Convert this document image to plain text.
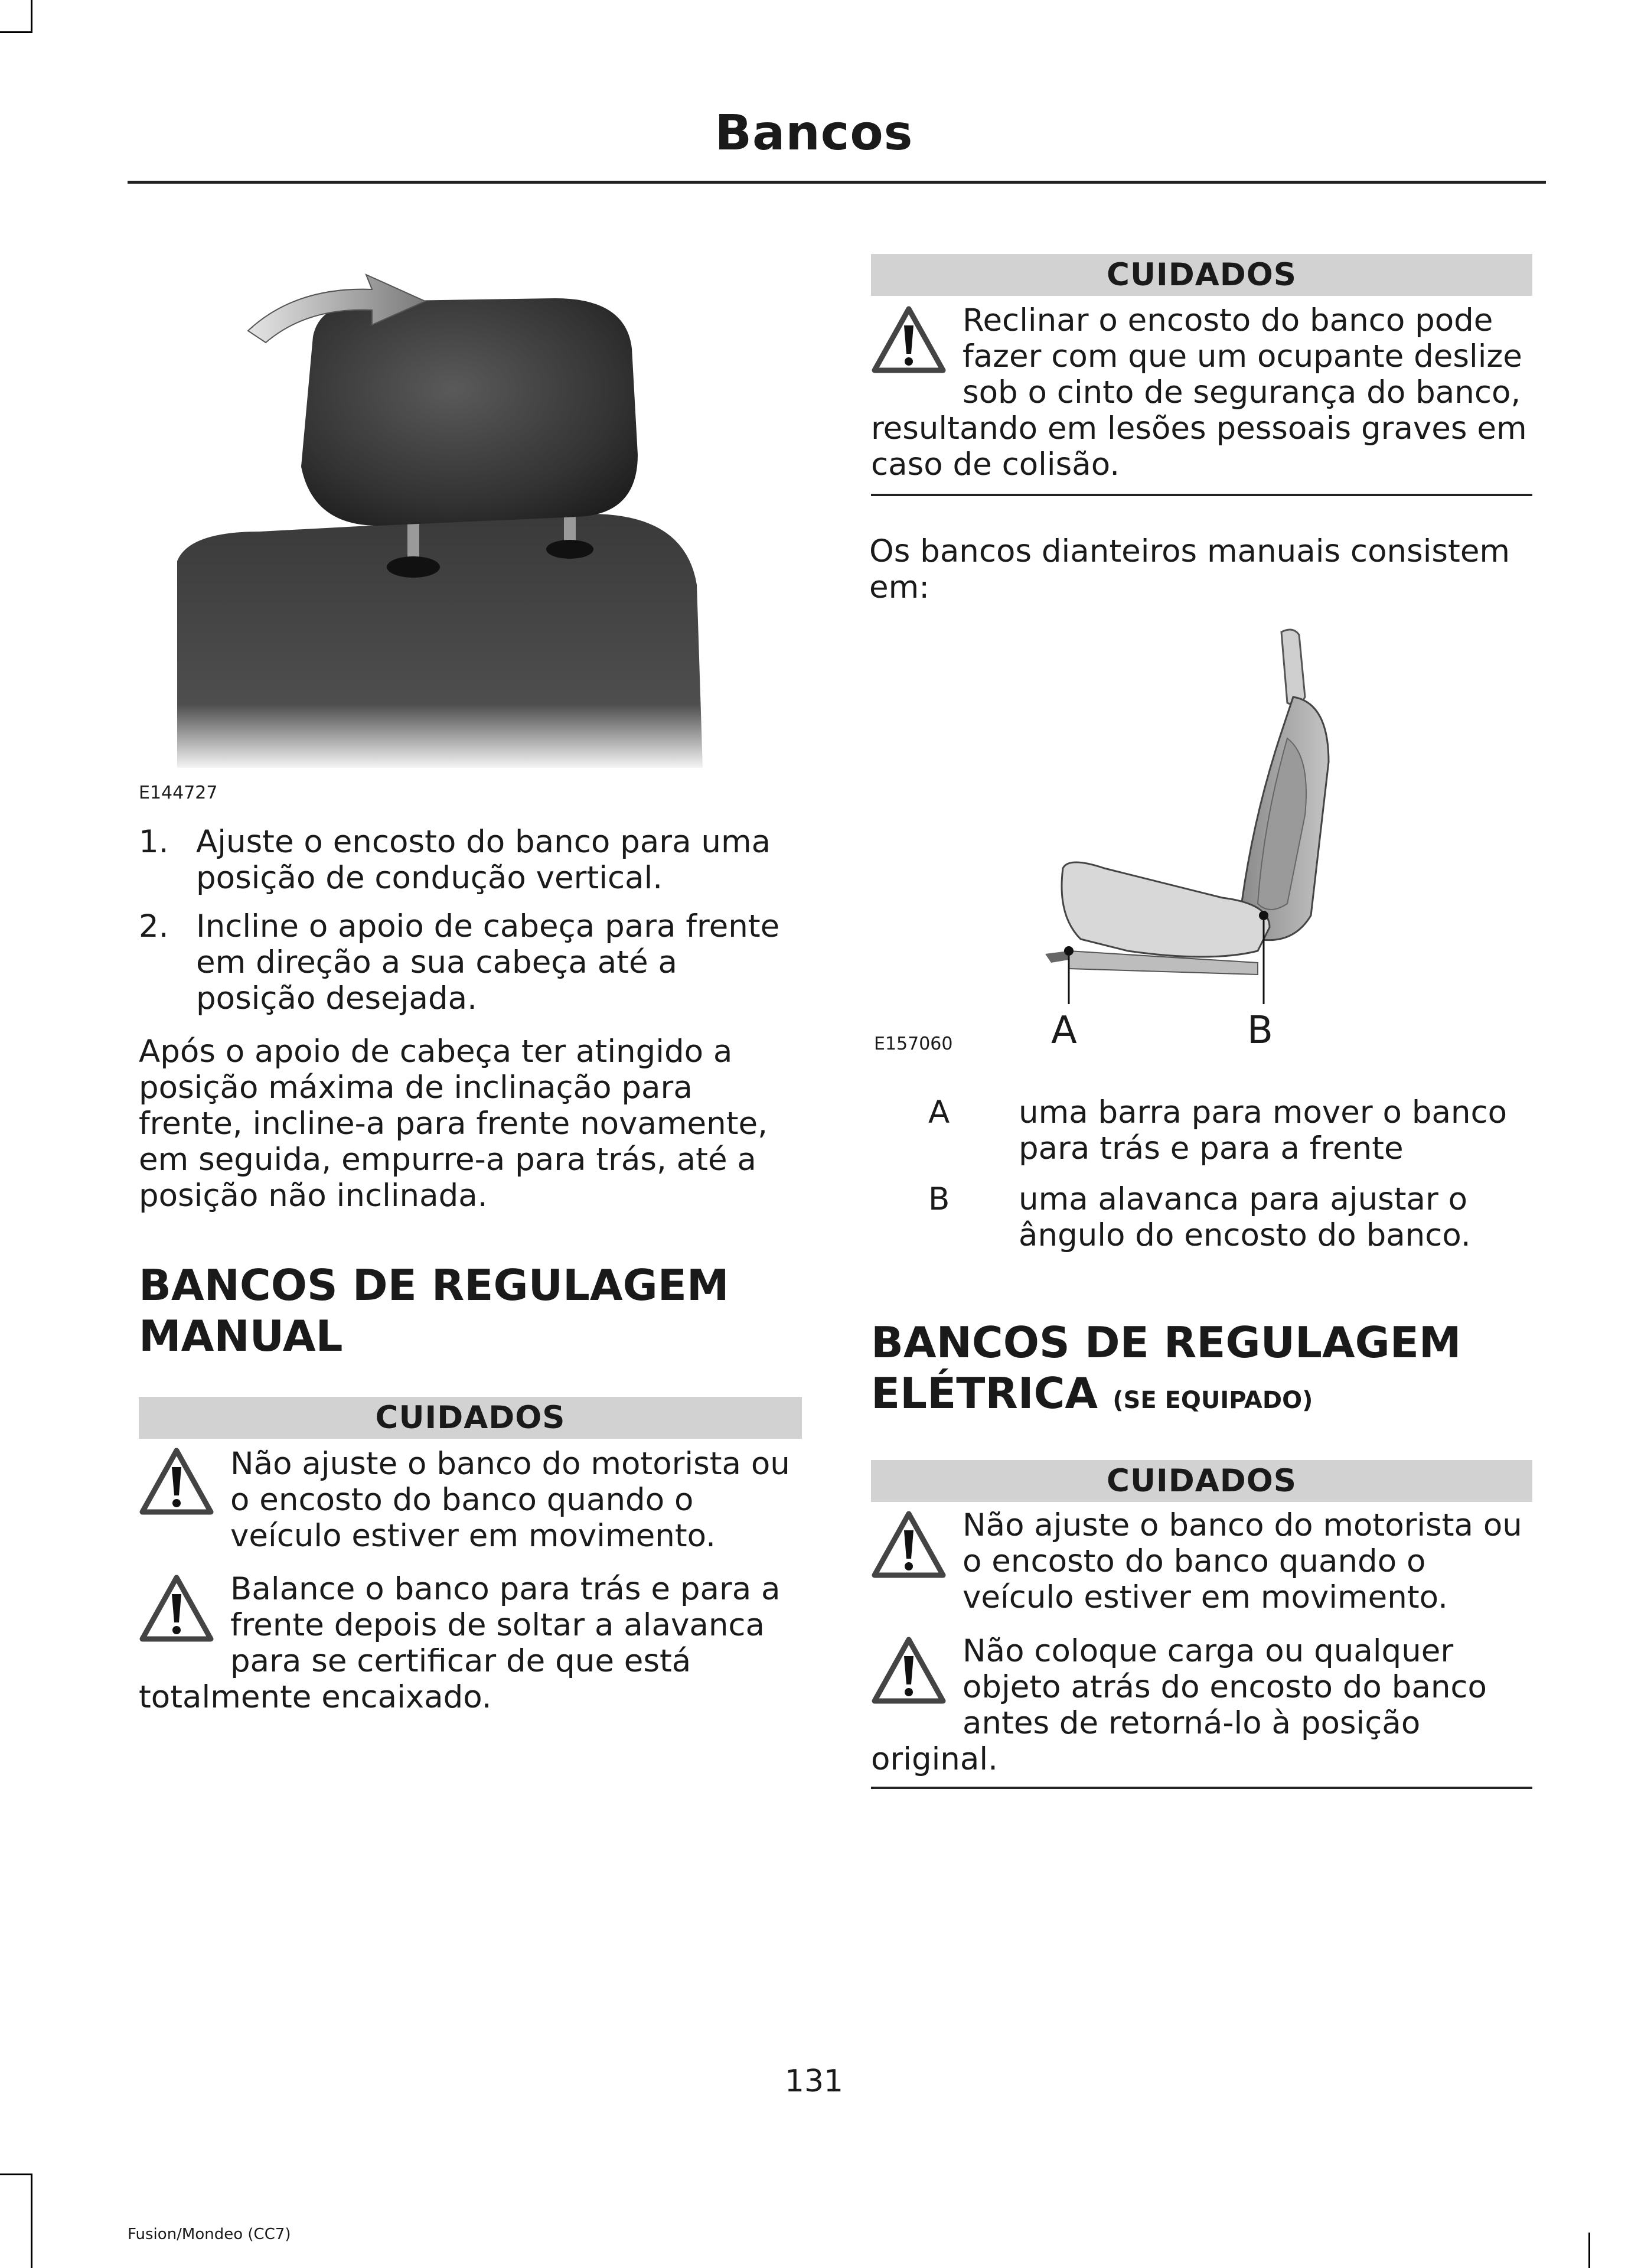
Bancos
E144727
1. Ajuste o encosto do banco para uma posição de condução vertical.
2. Incline o apoio de cabeça para frente em direção a sua cabeça até a posição desejada.
Após o apoio de cabeça ter atingido a posição máxima de inclinação para frente, incline-a para frente novamente, em seguida, empurre-a para trás, até a posição não inclinada.
BANCOS DE REGULAGEM
MANUAL
CUIDADOS
Não ajuste o banco do motorista ou o encosto do banco quando o veículo estiver em movimento.
Balance o banco para trás e para a
frente depois de soltar a alavanca
para se certificar de que está
totalmente encaixado.
CUIDADOS
Reclinar o encosto do banco pode
fazer com que um ocupante deslize
sob o cinto de segurança do banco,
resultando em lesões pessoais graves em
caso de colisão.
Os bancos dianteiros manuais consistem em:
A	B
E157060
A uma barra para mover o banco para trás e para a frente
B uma alavanca para ajustar o ângulo do encosto do banco.
BANCOS DE REGULAGEM
ELÉTRICA (SE EQUIPADO)
CUIDADOS
Não ajuste o banco do motorista ou o encosto do banco quando o veículo estiver em movimento.
Não coloque carga ou qualquer
objeto atrás do encosto do banco
antes de retorná-lo à posição
original.
131
Fusion/Mondeo (CC7)
